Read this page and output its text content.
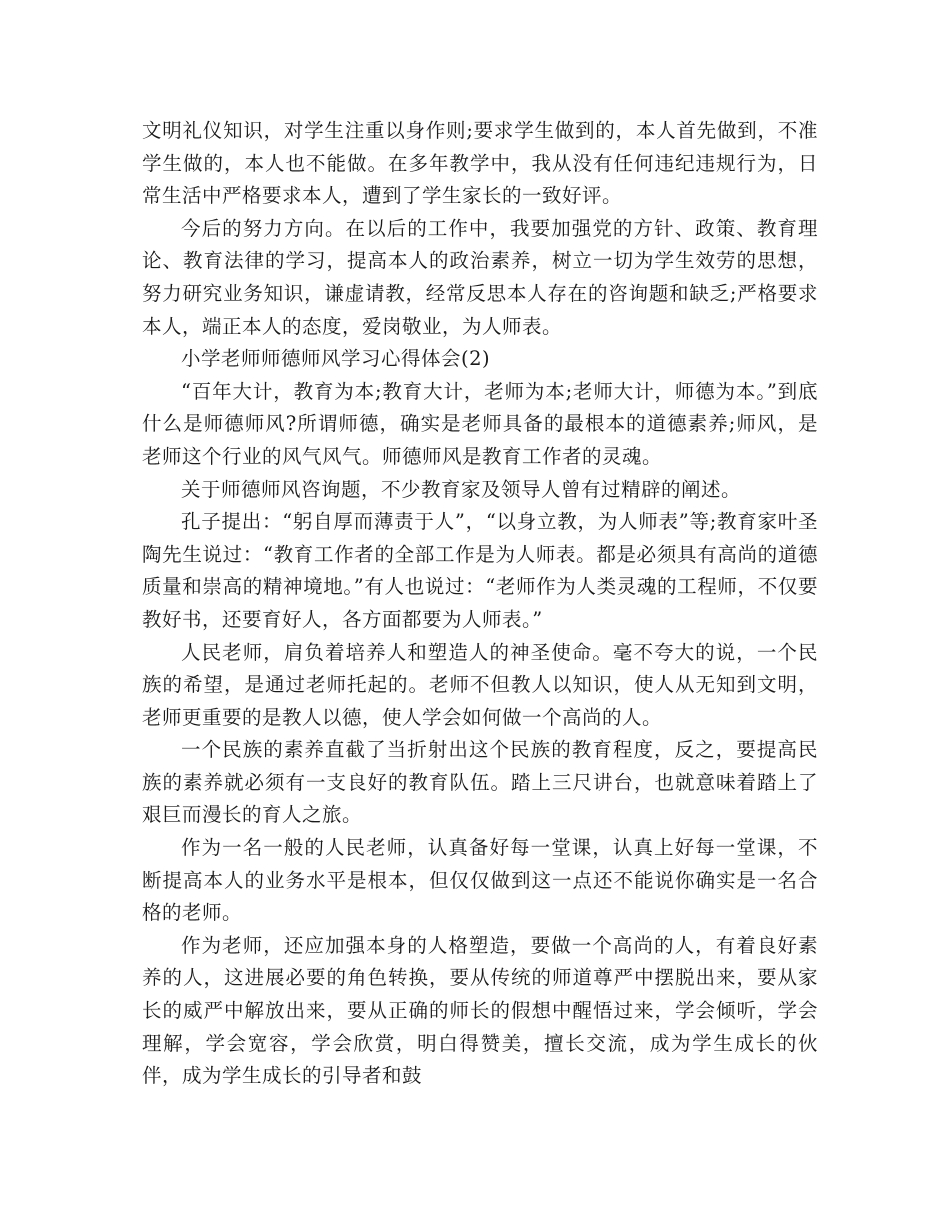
文明礼仪知识，对学生注重以身作则;要求学生做到的，本人首先做到，不准学生做的，本人也不能做。在多年教学中，我从没有任何违纪违规行为，日常生活中严格要求本人，遭到了学生家长的一致好评。

今后的努力方向。在以后的工作中，我要加强党的方针、政策、教育理论、教育法律的学习，提高本人的政治素养，树立一切为学生效劳的思想，努力研究业务知识，谦虚请教，经常反思本人存在的咨询题和缺乏;严格要求本人，端正本人的态度，爱岗敬业，为人师表。

小学老师师德师风学习心得体会(2)

“百年大计，教育为本;教育大计，老师为本;老师大计，师德为本。”到底什么是师德师风?所谓师德，确实是老师具备的最根本的道德素养;师风，是老师这个行业的风气风气。师德师风是教育工作者的灵魂。

关于师德师风咨询题，不少教育家及领导人曾有过精辟的阐述。

孔子提出：“躬自厚而薄责于人”，“以身立教，为人师表”等;教育家叶圣陶先生说过：“教育工作者的全部工作是为人师表。都是必须具有高尚的道德质量和崇高的精神境地。”有人也说过：“老师作为人类灵魂的工程师，不仅要教好书，还要育好人，各方面都要为人师表。”

人民老师，肩负着培养人和塑造人的神圣使命。毫不夸大的说，一个民族的希望，是通过老师托起的。老师不但教人以知识，使人从无知到文明，老师更重要的是教人以德，使人学会如何做一个高尚的人。

一个民族的素养直截了当折射出这个民族的教育程度，反之，要提高民族的素养就必须有一支良好的教育队伍。踏上三尺讲台，也就意味着踏上了艰巨而漫长的育人之旅。

作为一名一般的人民老师，认真备好每一堂课，认真上好每一堂课，不断提高本人的业务水平是根本，但仅仅做到这一点还不能说你确实是一名合格的老师。

作为老师，还应加强本身的人格塑造，要做一个高尚的人，有着良好素养的人，这进展必要的角色转换，要从传统的师道尊严中摆脱出来，要从家长的威严中解放出来，要从正确的师长的假想中醒悟过来，学会倾听，学会理解，学会宽容，学会欣赏，明白得赞美，擅长交流，成为学生成长的伙伴，成为学生成长的引导者和鼓
